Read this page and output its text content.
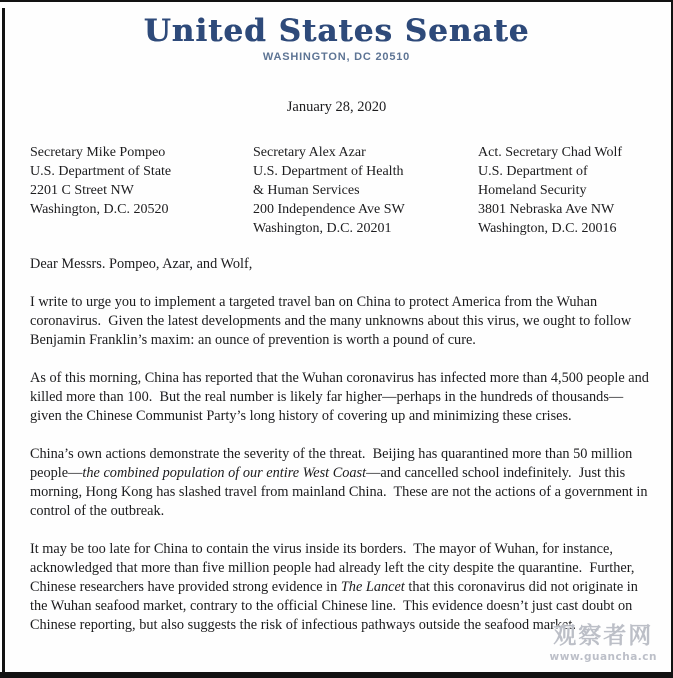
United States Senate
WASHINGTON, DC 20510
January 28, 2020
Secretary Mike Pompeo
U.S. Department of State
2201 C Street NW
Washington, D.C. 20520
Secretary Alex Azar
U.S. Department of Health
& Human Services
200 Independence Ave SW
Washington, D.C. 20201
Act. Secretary Chad Wolf
U.S. Department of
Homeland Security
3801 Nebraska Ave NW
Washington, D.C. 20016
Dear Messrs. Pompeo, Azar, and Wolf,

I write to urge you to implement a targeted travel ban on China to protect America from the Wuhan coronavirus.  Given the latest developments and the many unknowns about this virus, we ought to follow Benjamin Franklin’s maxim: an ounce of prevention is worth a pound of cure.

As of this morning, China has reported that the Wuhan coronavirus has infected more than 4,500 people and killed more than 100.  But the real number is likely far higher—perhaps in the hundreds of thousands—given the Chinese Communist Party’s long history of covering up and minimizing these crises.

China’s own actions demonstrate the severity of the threat.  Beijing has quarantined more than 50 million people—the combined population of our entire West Coast—and cancelled school indefinitely.  Just this morning, Hong Kong has slashed travel from mainland China.  These are not the actions of a government in control of the outbreak.

It may be too late for China to contain the virus inside its borders.  The mayor of Wuhan, for instance, acknowledged that more than five million people had already left the city despite the quarantine.  Further, Chinese researchers have provided strong evidence in The Lancet that this coronavirus did not originate in the Wuhan seafood market, contrary to the official Chinese line.  This evidence doesn’t just cast doubt on Chinese reporting, but also suggests the risk of infectious pathways outside the seafood market.

观察者网
www.guancha.cn
